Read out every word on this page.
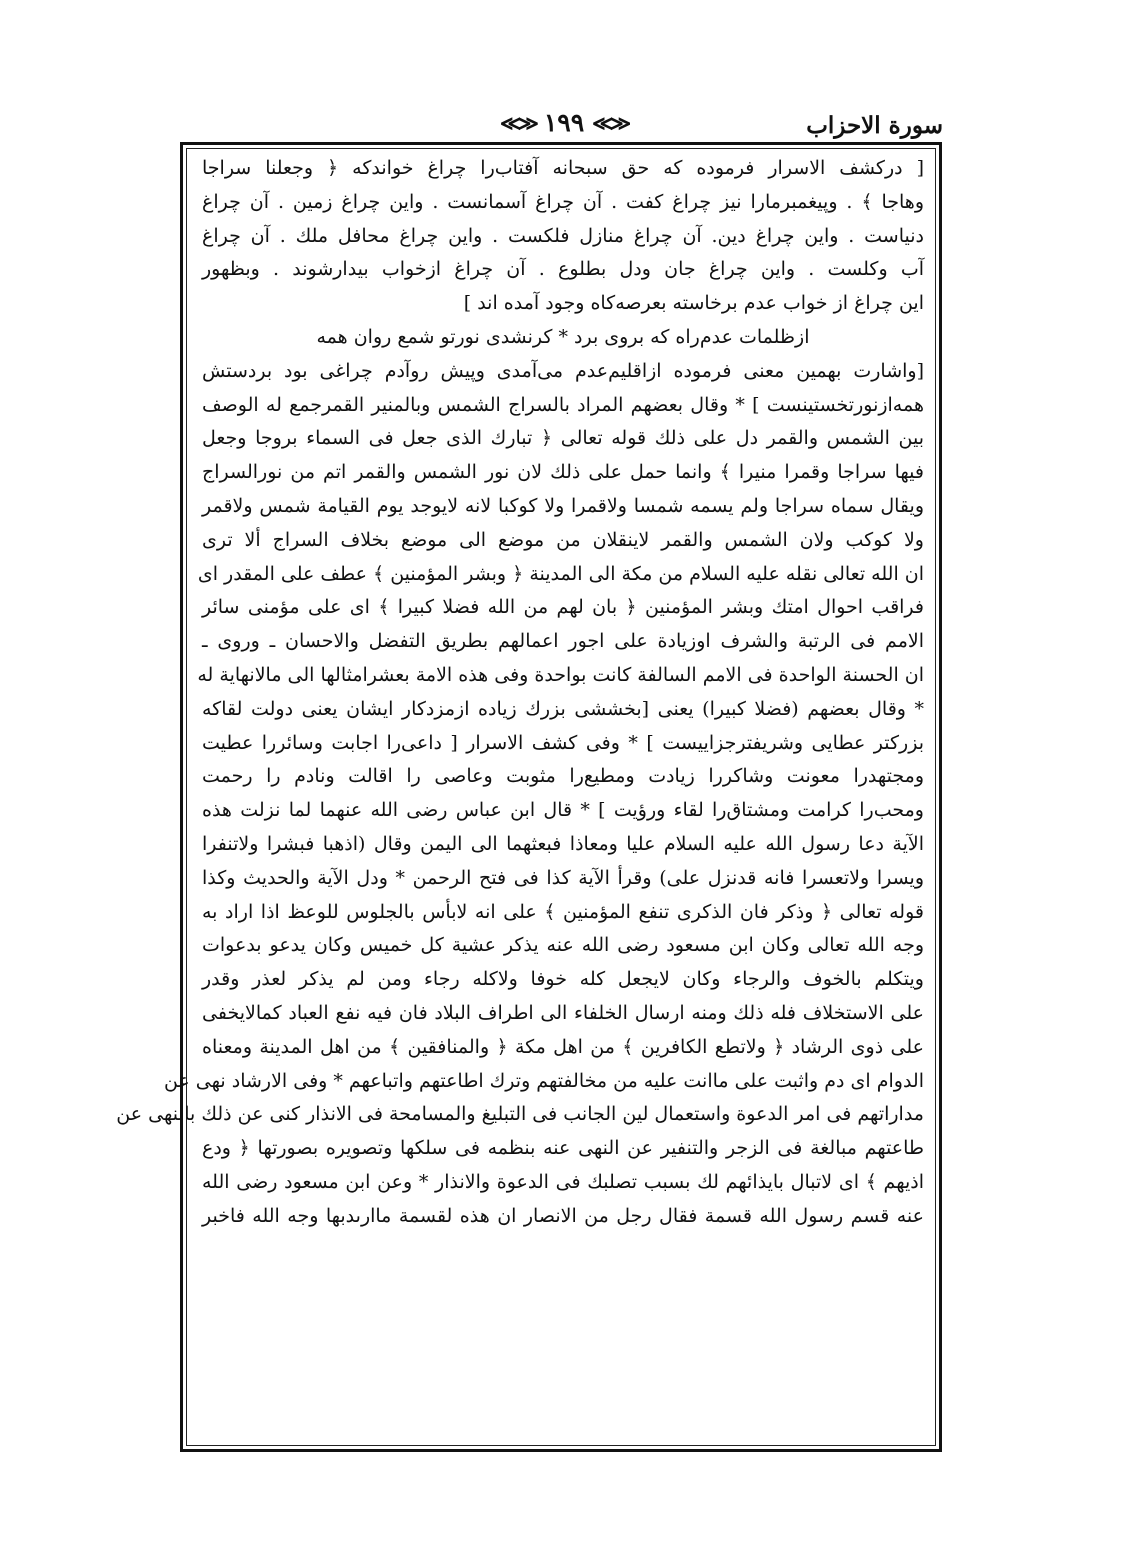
سورة الاحزاب
≪≫ ١٩٩ ≪≫
[ دركشف الاسرار فرموده كه حق سبحانه آفتاب‌را چراغ خواندكه ﴿ وجعلنا سراجا
وهاجا ﴾ . وپيغمبرمارا نيز چراغ كفت . آن چراغ آسمانست . واين چراغ زمين . آن چراغ
دنياست . واين چراغ دين. آن چراغ منازل فلكست . واين چراغ محافل ملك . آن چراغ
آب وكلست . واين چراغ جان ودل بطلوع . آن چراغ ازخواب بيدارشوند . وبظهور
اين چراغ از خواب عدم برخاسته بعرصه‌كاه وجود آمده اند ]
ازظلمات عدم‌راه كه بروى برد * كرنشدى نورتو شمع روان همه
[واشارت بهمين معنى فرموده ازاقليم‌عدم مى‌آمدى وپيش روآدم چراغى بود بردستش
همه‌ازنورتخستينست ] * وقال بعضهم المراد بالسراج الشمس وبالمنير القمرجمع له الوصف
بين الشمس والقمر دل على ذلك قوله تعالى ﴿ تبارك الذى جعل فى السماء بروجا وجعل
فيها سراجا وقمرا منيرا ﴾ وانما حمل على ذلك لان نور الشمس والقمر اتم من نورالسراج
ويقال سماه سراجا ولم يسمه شمسا ولاقمرا ولا كوكبا لانه لايوجد يوم القيامة شمس ولاقمر
ولا كوكب ولان الشمس والقمر لاينقلان من موضع الى موضع بخلاف السراج ألا ترى
ان الله تعالى نقله عليه السلام من مكة الى المدينة ﴿ وبشر المؤمنين ﴾ عطف على المقدر اى
فراقب احوال امتك وبشر المؤمنين ﴿ بان لهم من الله فضلا كبيرا ﴾ اى على مؤمنى سائر
الامم فى الرتبة والشرف اوزيادة على اجور اعمالهم بطريق التفضل والاحسان ـ وروى ـ
ان الحسنة الواحدة فى الامم السالفة كانت بواحدة وفى هذه الامة بعشرامثالها الى مالانهاية له
* وقال بعضهم (فضلا كبيرا) يعنى [بخششى بزرك زياده ازمزدكار ايشان يعنى دولت لقاكه
بزركتر عطايى وشريفترجزاييست ] * وفى كشف الاسرار [ داعى‌را اجابت وسائررا عطيت
ومجتهدرا معونت وشاكررا زيادت ومطيع‌را مثوبت وعاصى را اقالت ونادم را رحمت
ومحب‌را كرامت ومشتاق‌را لقاء ورؤيت ] * قال ابن عباس رضى الله عنهما لما نزلت هذه
الآية دعا رسول الله عليه السلام عليا ومعاذا فبعثهما الى اليمن وقال (اذهبا فبشرا ولاتنفرا
ويسرا ولاتعسرا فانه قدنزل على) وقرأ الآية كذا فى فتح الرحمن * ودل الآية والحديث وكذا
قوله تعالى ﴿ وذكر فان الذكرى تنفع المؤمنين ﴾ على انه لابأس بالجلوس للوعظ اذا اراد به
وجه الله تعالى وكان ابن مسعود رضى الله عنه يذكر عشية كل خميس وكان يدعو بدعوات
ويتكلم بالخوف والرجاء وكان لايجعل كله خوفا ولاكله رجاء ومن لم يذكر لعذر وقدر
على الاستخلاف فله ذلك ومنه ارسال الخلفاء الى اطراف البلاد فان فيه نفع العباد كمالايخفى
على ذوى الرشاد ﴿ ولاتطع الكافرين ﴾ من اهل مكة ﴿ والمنافقين ﴾ من اهل المدينة ومعناه
الدوام اى دم واثبت على ماانت عليه من مخالفتهم وترك اطاعتهم واتباعهم * وفى الارشاد نهى عن
مداراتهم فى امر الدعوة واستعمال لين الجانب فى التبليغ والمسامحة فى الانذار كنى عن ذلك بالنهى عن
طاعتهم مبالغة فى الزجر والتنفير عن النهى عنه بنظمه فى سلكها وتصويره بصورتها ﴿ ودع
اذيهم ﴾ اى لاتبال بايذائهم لك بسبب تصلبك فى الدعوة والانذار * وعن ابن مسعود رضى الله
عنه قسم رسول الله قسمة فقال رجل من الانصار ان هذه لقسمة ماارىدبها وجه الله فاخبر
